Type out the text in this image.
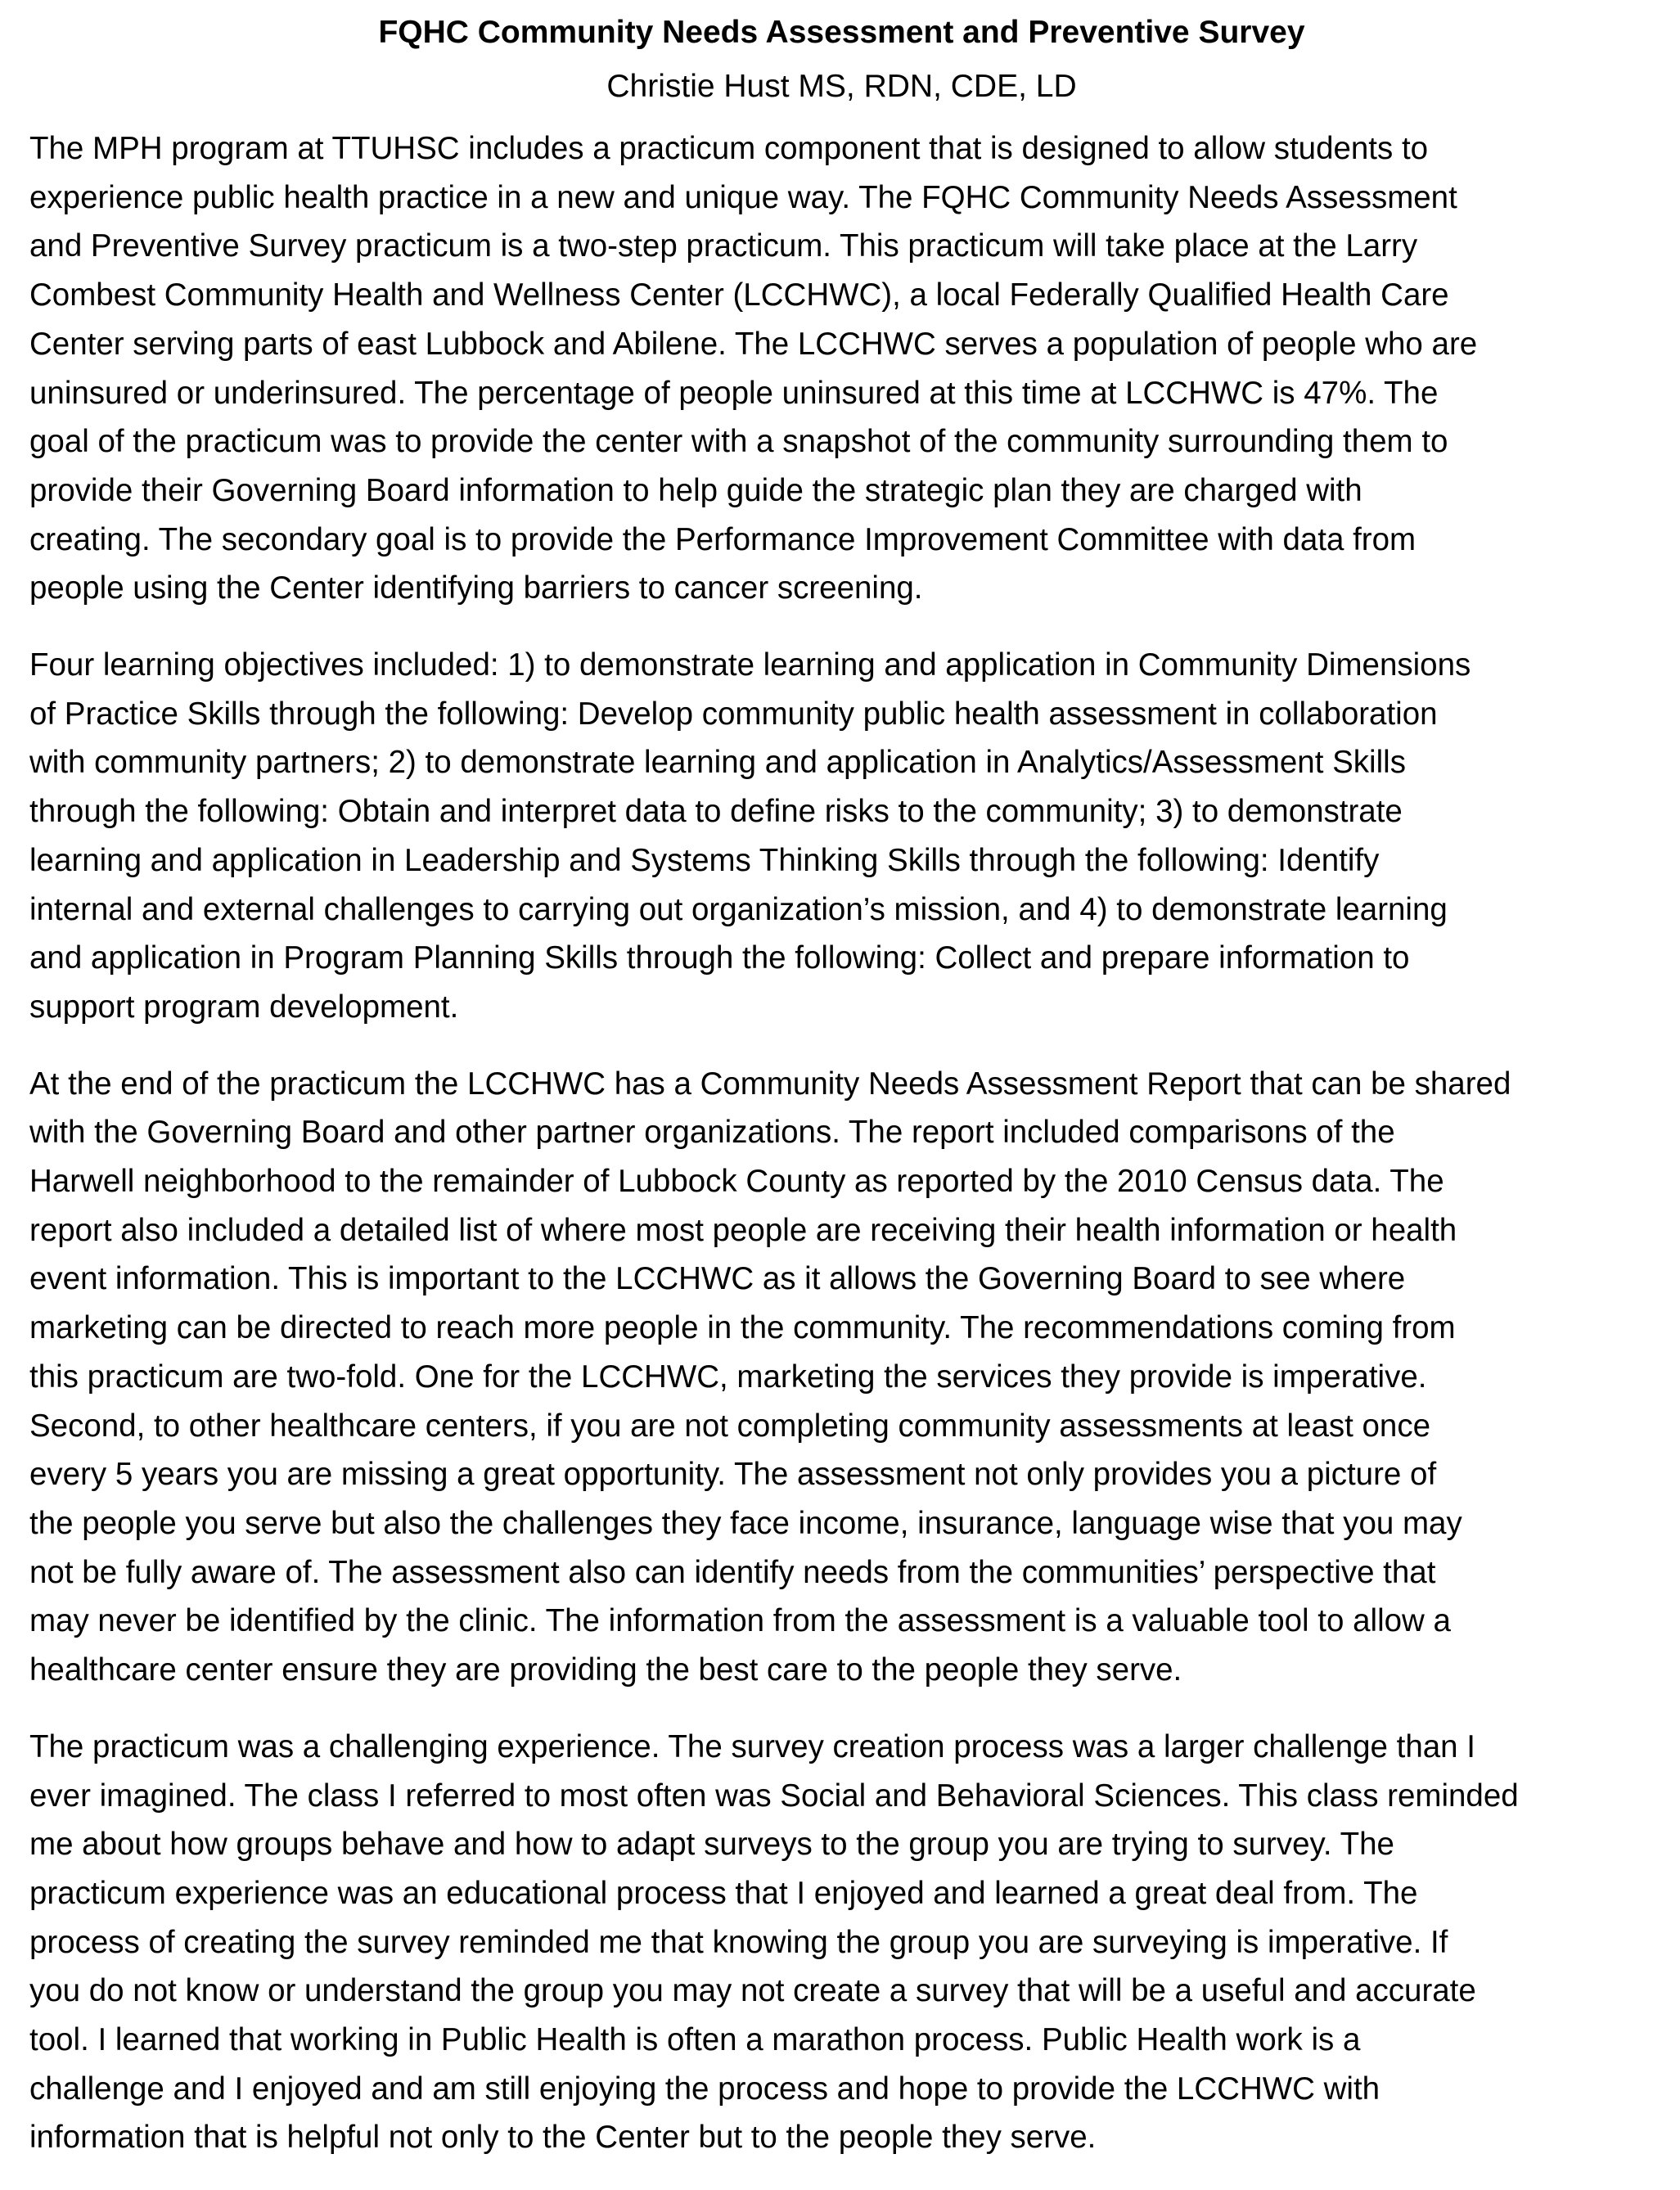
FQHC Community Needs Assessment and Preventive Survey
Christie Hust MS, RDN, CDE, LD

The MPH program at TTUHSC includes a practicum component that is designed to allow students to
experience public health practice in a new and unique way. The FQHC Community Needs Assessment
and Preventive Survey practicum is a two-step practicum. This practicum will take place at the Larry
Combest Community Health and Wellness Center (LCCHWC), a local Federally Qualified Health Care
Center serving parts of east Lubbock and Abilene. The LCCHWC serves a population of people who are
uninsured or underinsured. The percentage of people uninsured at this time at LCCHWC is 47%. The
goal of the practicum was to provide the center with a snapshot of the community surrounding them to
provide their Governing Board information to help guide the strategic plan they are charged with
creating. The secondary goal is to provide the Performance Improvement Committee with data from
people using the Center identifying barriers to cancer screening.

Four learning objectives included: 1) to demonstrate learning and application in Community Dimensions
of Practice Skills through the following: Develop community public health assessment in collaboration
with community partners; 2) to demonstrate learning and application in Analytics/Assessment Skills
through the following: Obtain and interpret data to define risks to the community; 3) to demonstrate
learning and application in Leadership and Systems Thinking Skills through the following: Identify
internal and external challenges to carrying out organization’s mission, and 4) to demonstrate learning
and application in Program Planning Skills through the following: Collect and prepare information to
support program development.

At the end of the practicum the LCCHWC has a Community Needs Assessment Report that can be shared
with the Governing Board and other partner organizations. The report included comparisons of the
Harwell neighborhood to the remainder of Lubbock County as reported by the 2010 Census data. The
report also included a detailed list of where most people are receiving their health information or health
event information. This is important to the LCCHWC as it allows the Governing Board to see where
marketing can be directed to reach more people in the community. The recommendations coming from
this practicum are two-fold. One for the LCCHWC, marketing the services they provide is imperative.
Second, to other healthcare centers, if you are not completing community assessments at least once
every 5 years you are missing a great opportunity. The assessment not only provides you a picture of
the people you serve but also the challenges they face income, insurance, language wise that you may
not be fully aware of. The assessment also can identify needs from the communities’ perspective that
may never be identified by the clinic. The information from the assessment is a valuable tool to allow a
healthcare center ensure they are providing the best care to the people they serve.

The practicum was a challenging experience. The survey creation process was a larger challenge than I
ever imagined. The class I referred to most often was Social and Behavioral Sciences. This class reminded
me about how groups behave and how to adapt surveys to the group you are trying to survey. The
practicum experience was an educational process that I enjoyed and learned a great deal from. The
process of creating the survey reminded me that knowing the group you are surveying is imperative. If
you do not know or understand the group you may not create a survey that will be a useful and accurate
tool. I learned that working in Public Health is often a marathon process. Public Health work is a
challenge and I enjoyed and am still enjoying the process and hope to provide the LCCHWC with
information that is helpful not only to the Center but to the people they serve.
